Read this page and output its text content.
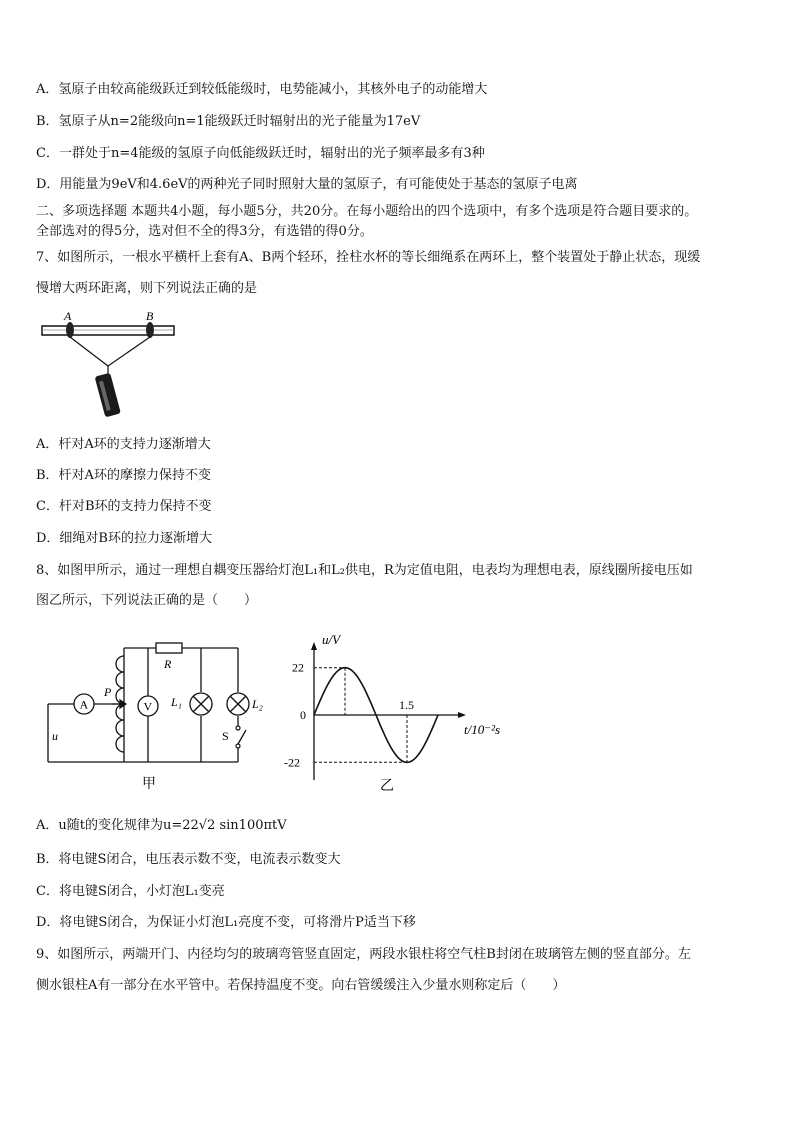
A．氢原子由较高能级跃迁到较低能级时，电势能减小，其核外电子的动能增大
B．氢原子从n=2能级向n=1能级跃迁时辐射出的光子能量为17eV
C．一群处于n=4能级的氢原子向低能级跃迁时，辐射出的光子频率最多有3种
D．用能量为9eV和4.6eV的两种光子同时照射大量的氢原子，有可能使处于基态的氢原子电离
二、多项选择题 本题共4小题，每小题5分，共20分。在每小题给出的四个选项中，有多个选项是符合题目要求的。
全部选对的得5分，选对但不全的得3分，有选错的得0分。
7、如图所示，一根水平横杆上套有A、B两个轻环，拴柱水杯的等长细绳系在两环上，整个装置处于静止状态，现缓
慢增大两环距离，则下列说法正确的是
A	B
A．杆对A环的支持力逐渐增大
B．杆对A环的摩擦力保持不变
C．杆对B环的支持力保持不变
D．细绳对B环的拉力逐渐增大
8、如图甲所示，通过一理想自耦变压器给灯泡L₁和L₂供电，R为定值电阻，电表均为理想电表，原线圈所接电压如
图乙所示，下列说法正确的是（　　）
A	V
R
P
L₁	L₂
S
u
甲
22
0
-22
1.5
u/V
t/10⁻²s
乙
A．u随t的变化规律为u=22√2 sin100πtV
B．将电键S闭合，电压表示数不变，电流表示数变大
C．将电键S闭合，小灯泡L₁变亮
D．将电键S闭合，为保证小灯泡L₁亮度不变，可将滑片P适当下移
9、如图所示，两端开门、内径均匀的玻璃弯管竖直固定，两段水银柱将空气柱B封闭在玻璃管左侧的竖直部分。左
侧水银柱A有一部分在水平管中。若保持温度不变。向右管缓缓注入少量水则称定后（　　）
